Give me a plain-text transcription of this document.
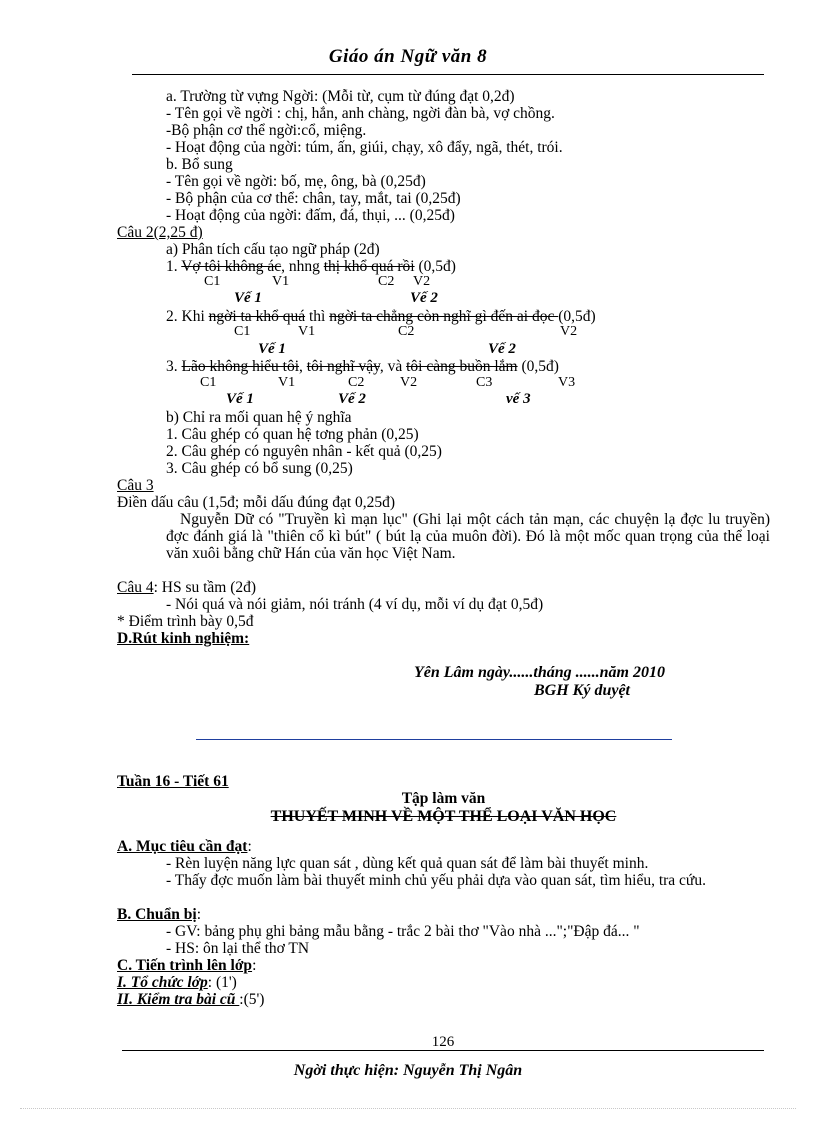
Giáo án Ngữ văn 8
a. Trường từ vựng Ngời: (Mỗi từ, cụm từ đúng đạt 0,2đ)
- Tên gọi về ngời : chị, hắn, anh chàng, ngời đàn bà, vợ chồng.
-Bộ phận cơ thể ngời:cổ, miệng.
- Hoạt động của ngời: túm, ấn, giúi, chạy, xô đẩy, ngã, thét, trói.
b. Bổ sung
- Tên gọi về ngời: bố, mẹ, ông, bà (0,25đ)
- Bộ phận của cơ thể: chân, tay, mắt, tai (0,25đ)
- Hoạt động của ngời: đấm, đá, thụi, ... (0,25đ)
Câu 2(2,25 đ)
a) Phân tích cấu tạo ngữ pháp (2đ)
1. Vợ tôi không ác, nhng thị khổ quá rồi (0,5đ)
C1	V1	C2 V2
Vế 1	Vế 2
2. Khi ngời ta khổ quá thì ngời ta chẳng còn nghĩ gì đến ai đọc (0,5đ)
C1	V1	C2	V2
Vế 1	Vế 2
3. Lão không hiểu tôi, tôi nghĩ vậy, và tôi càng buồn lắm (0,5đ)
C1	V1	C2	V2	C3	V3
Vế 1	Vế 2	vế 3
b) Chỉ ra mối quan hệ ý nghĩa
1. Câu ghép có quan hệ tơng phản (0,25)
2. Câu ghép có nguyên nhân - kết quả (0,25)
3. Câu ghép có bổ sung (0,25)
Câu 3
Điền dấu câu (1,5đ; mỗi dấu đúng đạt 0,25đ)
Nguyễn Dữ có "Truyền kì mạn lục" (Ghi lại một cách tản mạn, các chuyện lạ đợc lu truyền) đợc đánh giá là "thiên cổ kì bút" ( bút lạ của muôn đời). Đó là một mốc quan trọng của thể loại văn xuôi bằng chữ Hán của văn học Việt Nam.
Câu 4: HS su tầm (2đ)
- Nói quá và nói giảm, nói tránh (4 ví dụ, mỗi ví dụ đạt 0,5đ)
* Điểm trình bày 0,5đ
D.Rút kinh nghiệm:
Yên Lâm ngày......tháng ......năm 2010
BGH Ký duyệt
Tuần 16 - Tiết 61
Tập làm văn
THUYẾT MINH VỀ MỘT THỂ LOẠI VĂN HỌC
A. Mục tiêu cần đạt:
- Rèn luyện năng lực quan sát , dùng kết quả quan sát để làm bài thuyết minh.
- Thấy đợc muốn làm bài thuyết minh chủ yếu phải dựa vào quan sát, tìm hiểu, tra cứu.
B. Chuẩn bị:
- GV: bảng phụ ghi bảng mẫu bằng - trắc 2 bài thơ "Vào nhà ...";"Đập đá... "
- HS: ôn lại thể thơ TN
C. Tiến trình lên lớp:
I. Tổ chức lớp: (1')
II. Kiểm tra bài cũ :(5')
126
Ngời thực hiện: Nguyễn Thị Ngân
